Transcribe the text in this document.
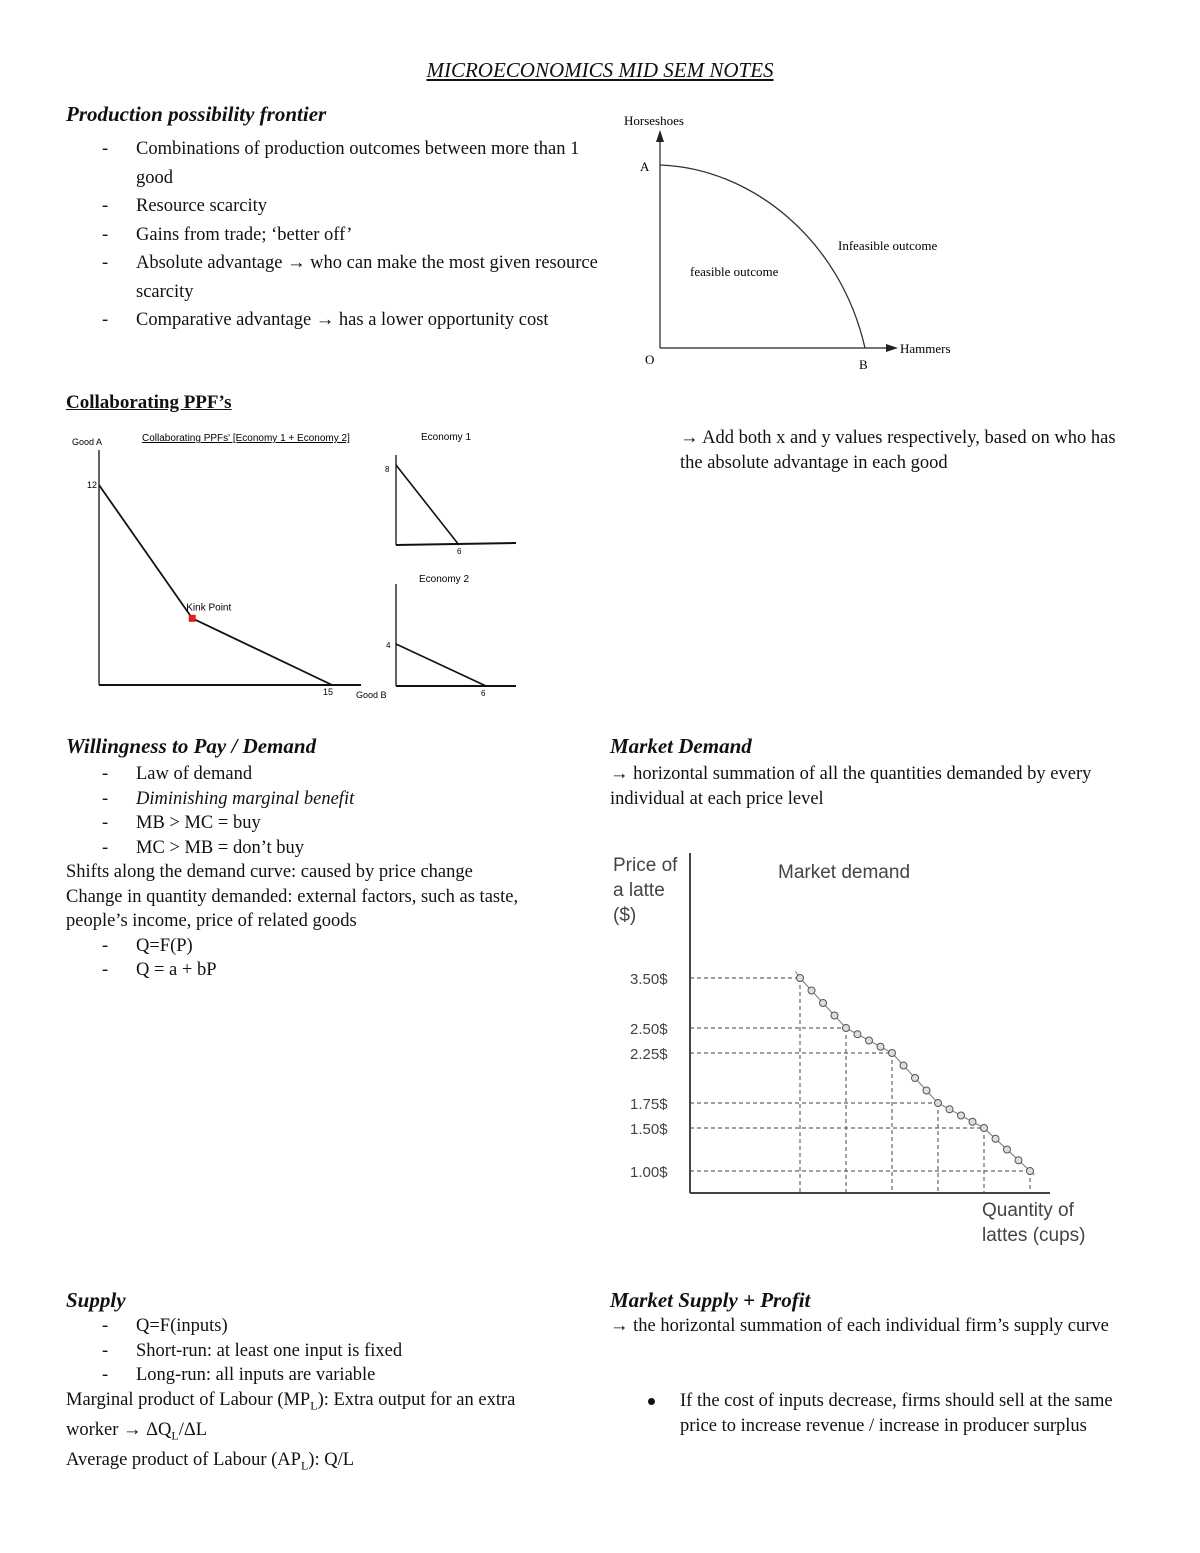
MICROECONOMICS MID SEM NOTES
Production possibility frontier
- Combinations of production outcomes between more than 1 good
- Resource scarcity
- Gains from trade; ‘better off’
- Absolute advantage → who can make the most given resource scarcity
- Comparative advantage → has a lower opportunity cost
Horseshoes
A
B
O
Hammers
feasible outcome
Infeasible outcome
Collaborating PPF’s
→ Add both x and y values respectively, based on who has the absolute advantage in each good
Collaborating PPFs' [Economy 1 + Economy 2]
Good A
12
15	Good B
Kink Point
Economy 1
8
6
Economy 2
4
6
Willingness to Pay / Demand
- Law of demand
- Diminishing marginal benefit
- MB > MC = buy
- MC > MB = don’t buy

Shifts along the demand curve: caused by price change

Change in quantity demanded: external factors, such as taste, people’s income, price of related goods

- Q=F(P)
- Q = a + bP
Market Demand
→ horizontal summation of all the quantities demanded by every individual at each price level
Price of
a latte
($)
Market demand
3.50$
2.50$
2.25$
1.75$
1.50$
1.00$
Quantity of
lattes (cups)
Supply
- Q=F(inputs)
- Short-run: at least one input is fixed
- Long-run: all inputs are variable

Marginal product of Labour $(MP_L)$: Extra output for an extra worker → $\Delta Q_L/\Delta L$

Average product of Labour $(AP_L)$: Q/L

Market Supply + Profit
→ the horizontal summation of each individual firm’s supply curve
If the cost of inputs decrease, firms should sell at the same price to increase revenue / increase in producer surplus
